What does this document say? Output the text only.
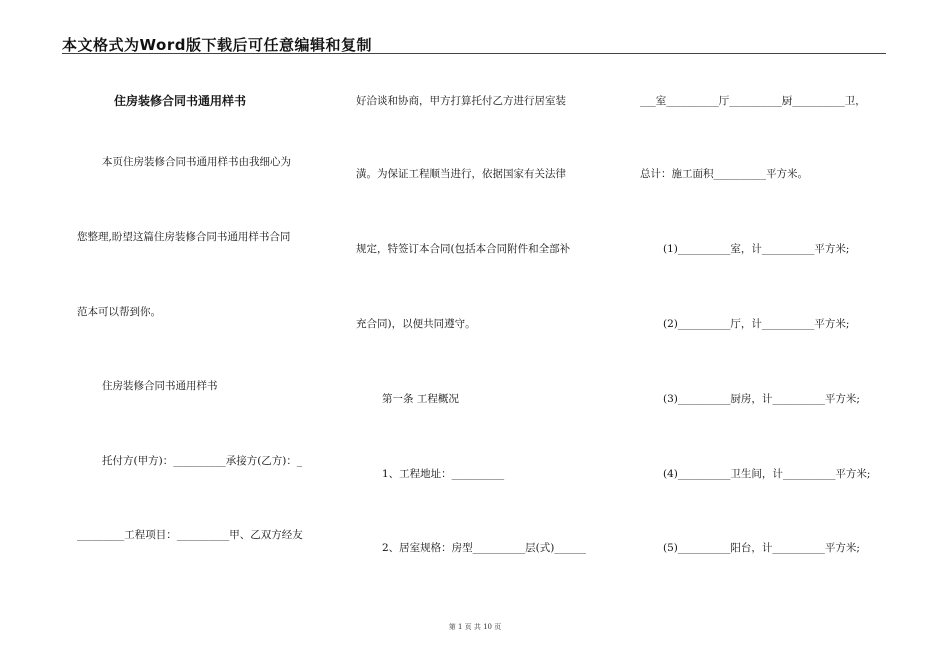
本文格式为Word版下载后可任意编辑和复制
住房装修合同书通用样书
本页住房装修合同书通用样书由我细心为
您整理,盼望这篇住房装修合同书通用样书合同
范本可以帮到你。
住房装修合同书通用样书
托付方(甲方)：__________承接方(乙方)：_
_________工程项目：__________甲、乙双方经友
好洽谈和协商，甲方打算托付乙方进行居室装
潢。为保证工程顺当进行，依据国家有关法律
规定，特签订本合同(包括本合同附件和全部补
充合同)，以便共同遵守。
第一条 工程概况
1、工程地址：__________
2、居室规格：房型__________层(式)______
___室__________厅__________厨__________卫，
总计：施工面积__________平方米。
(1)__________室，计__________平方米;
(2)__________厅，计__________平方米;
(3)__________厨房，计__________平方米;
(4)__________卫生间，计__________平方米;
(5)__________阳台，计__________平方米;
第 1 页 共 10 页
